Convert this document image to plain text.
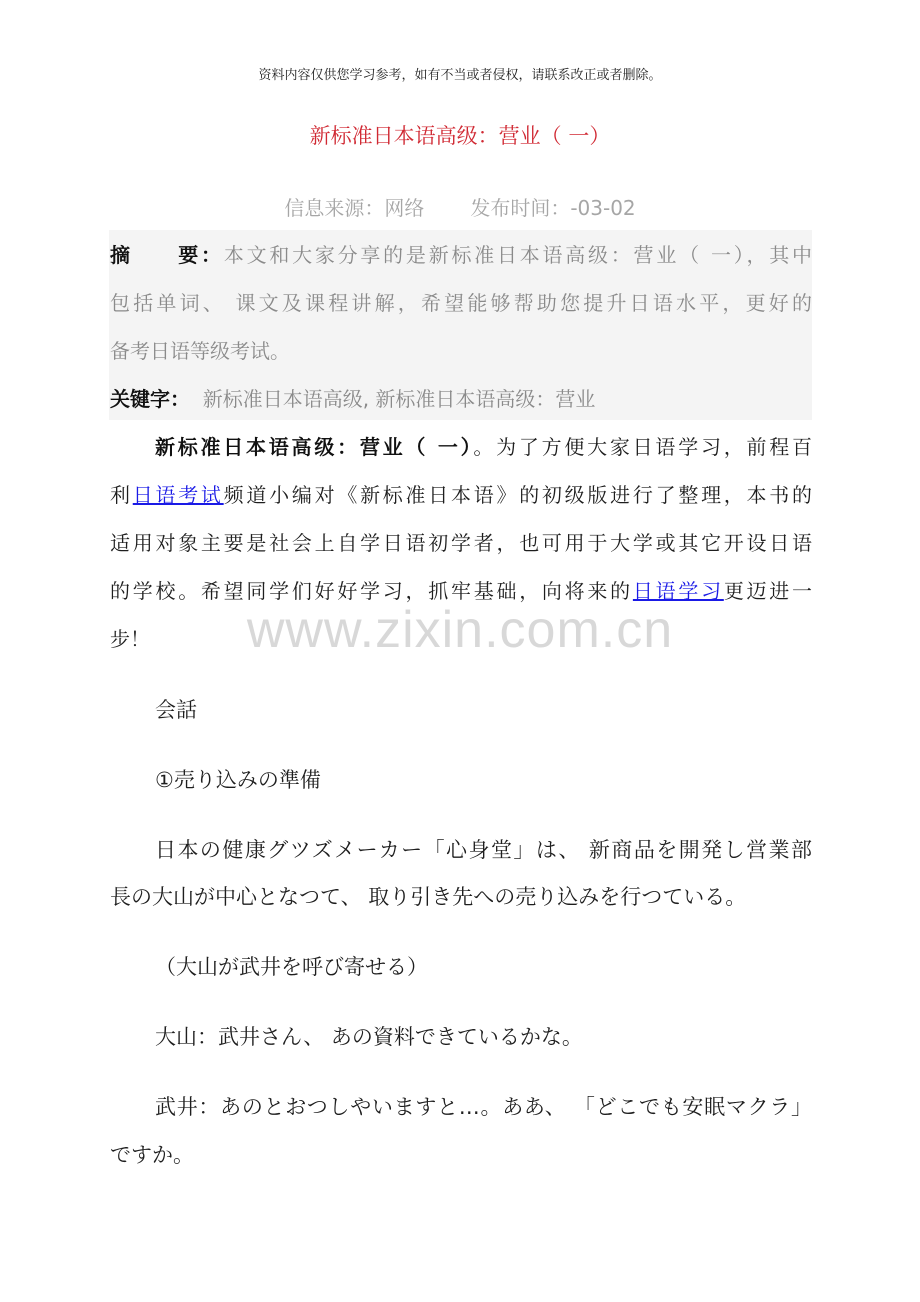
资料内容仅供您学习参考，如有不当或者侵权，请联系改正或者删除。
新标准日本语高级：营业（ 一）
信息来源：网络 发布时间：-03-02
摘　　要：本文和大家分享的是新标准日本语高级：营业（ 一），其中
包括单词、 课文及课程讲解，希望能够帮助您提升日语水平，更好的
备考日语等级考试。
关键字： 新标准日本语高级, 新标准日本语高级：营业
新标准日本语高级：营业（ 一）。为了方便大家日语学习，前程百
利日语考试频道小编对《新标准日本语》的初级版进行了整理，本书的
适用对象主要是社会上自学日语初学者，也可用于大学或其它开设日语
的学校。希望同学们好好学习，抓牢基础，向将来的日语学习更迈进一
步！	www.zixin.com.cn
会話
①売り込みの準備
日本の健康グツズメーカー「心身堂」は、 新商品を開発し営業部
長の大山が中心となつて、 取り引き先への売り込みを行つている。
（大山が武井を呼び寄せる）
大山：武井さん、 あの資料できているかな。
武井：あのとおつしやいますと…。ああ、 「どこでも安眠マクラ」
ですか。
